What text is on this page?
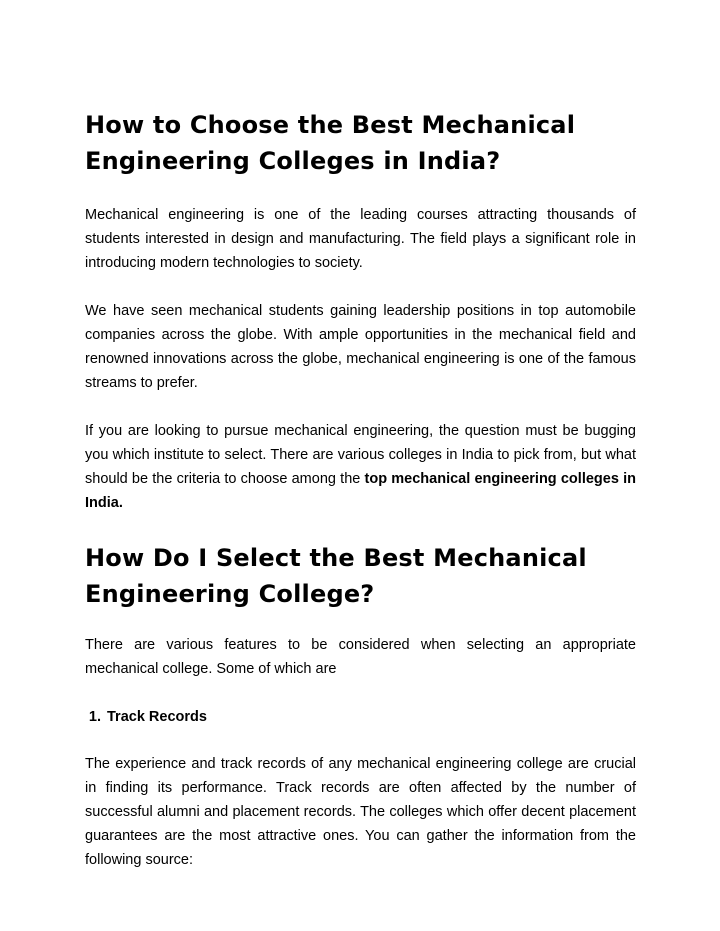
How to Choose the Best Mechanical Engineering Colleges in India?

Mechanical engineering is one of the leading courses attracting thousands of students interested in design and manufacturing. The field plays a significant role in introducing modern technologies to society.

We have seen mechanical students gaining leadership positions in top automobile companies across the globe. With ample opportunities in the mechanical field and renowned innovations across the globe, mechanical engineering is one of the famous streams to prefer.

If you are looking to pursue mechanical engineering, the question must be bugging you which institute to select. There are various colleges in India to pick from, but what should be the criteria to choose among the top mechanical engineering colleges in India.

How Do I Select the Best Mechanical Engineering College?

There are various features to be considered when selecting an appropriate mechanical college. Some of which are

1. Track Records

The experience and track records of any mechanical engineering college are crucial in finding its performance. Track records are often affected by the number of successful alumni and placement records. The colleges which offer decent placement guarantees are the most attractive ones. You can gather the information from the following source:
